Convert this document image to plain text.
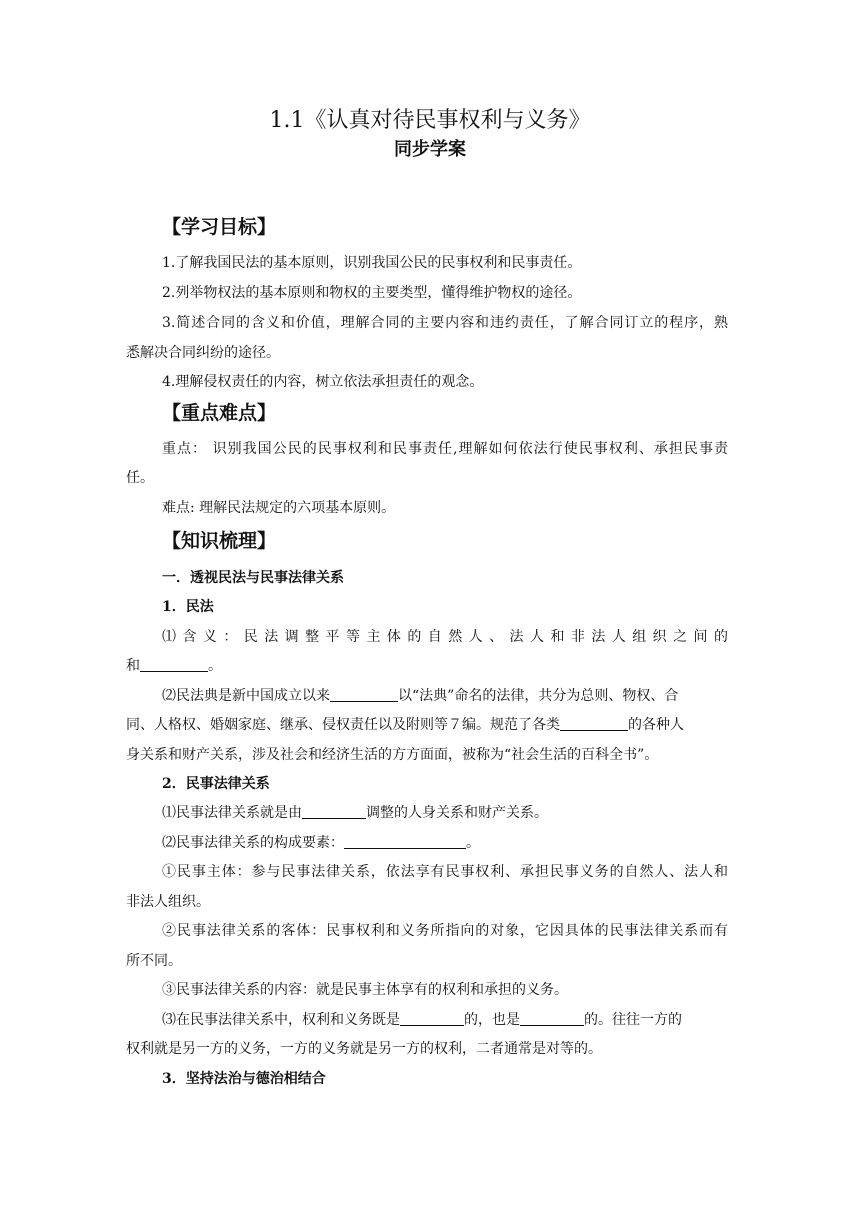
1.1《认真对待民事权利与义务》
同步学案
【学习目标】
1.了解我国民法的基本原则，识别我国公民的民事权利和民事责任。
2.列举物权法的基本原则和物权的主要类型，懂得维护物权的途径。
3.简述合同的含义和价值，理解合同的主要内容和违约责任，了解合同订立的程序，熟
悉解决合同纠纷的途径。
4.理解侵权责任的内容，树立依法承担责任的观念。
【重点难点】
重点： 识别我国公民的民事权利和民事责任,理解如何依法行使民事权利、承担民事责
任。
难点: 理解民法规定的六项基本原则。
【知识梳理】
一．透视民法与民事法律关系
1．民法
⑴ 含 义 ： 民 法 调 整 平 等 主 体 的 自 然 人 、 法 人 和 非 法 人 组 织 之 间 的
和	。
⑵民法典是新中国成立以来	以“法典”命名的法律，共分为总则、物权、合
同、人格权、婚姻家庭、继承、侵权责任以及附则等７编。规范了各类	的各种人
身关系和财产关系，涉及社会和经济生活的方方面面，被称为“社会生活的百科全书”。
2．民事法律关系
⑴民事法律关系就是由	调整的人身关系和财产关系。
⑵民事法律关系的构成要素：	。
①民事主体：参与民事法律关系，依法享有民事权利、承担民事义务的自然人、法人和
非法人组织。
②民事法律关系的客体：民事权利和义务所指向的对象，它因具体的民事法律关系而有
所不同。
③民事法律关系的内容：就是民事主体享有的权利和承担的义务。
⑶在民事法律关系中，权利和义务既是	的，也是	的。往往一方的
权利就是另一方的义务，一方的义务就是另一方的权利，二者通常是对等的。
3．坚持法治与德治相结合
